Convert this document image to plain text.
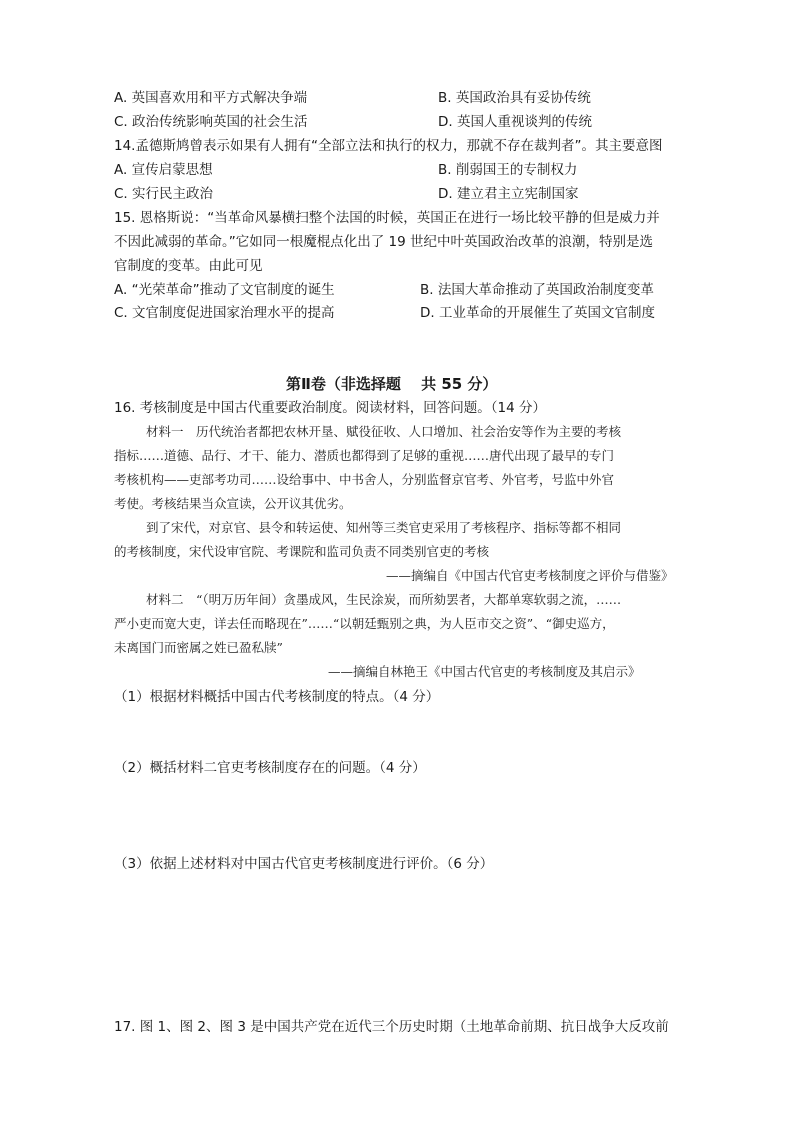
A. 英国喜欢用和平方式解决争端	B. 英国政治具有妥协传统
C. 政治传统影响英国的社会生活	D. 英国人重视谈判的传统
14.孟德斯鸠曾表示如果有人拥有“全部立法和执行的权力，那就不存在裁判者”。其主要意图
A. 宣传启蒙思想	B. 削弱国王的专制权力
C. 实行民主政治	D. 建立君主立宪制国家
15. 恩格斯说：“当革命风暴横扫整个法国的时候，英国正在进行一场比较平静的但是威力并
不因此减弱的革命。”它如同一根魔棍点化出了 19 世纪中叶英国政治改革的浪潮，特别是选
官制度的变革。由此可见
A. “光荣革命”推动了文官制度的诞生	B. 法国大革命推动了英国政治制度变革
C. 文官制度促进国家治理水平的提高	D. 工业革命的开展催生了英国文官制度
第Ⅱ卷（非选择题　 共 55 分）
16. 考核制度是中国古代重要政治制度。阅读材料，回答问题。（14 分）
材料一　历代统治者都把农林开垦、赋役征收、人口增加、社会治安等作为主要的考核
指标……道德、品行、才干、能力、潜质也都得到了足够的重视……唐代出现了最早的专门
考核机构——吏部考功司……设给事中、中书舍人，分别监督京官考、外官考，号监中外官
考使。考核结果当众宣读，公开议其优劣。
到了宋代，对京官、县令和转运使、知州等三类官吏采用了考核程序、指标等都不相同
的考核制度，宋代设审官院、考课院和监司负责不同类别官吏的考核
——摘编自《中国古代官吏考核制度之评价与借鉴》
材料二　“（明万历年间）贪墨成风，生民涂炭，而所劾罢者，大都单寒软弱之流，……
严小吏而宽大吏，详去任而略现在”……“以朝廷甄别之典，为人臣市交之资”、“御史巡方，
未离国门而密属之姓已盈私牍”
——摘编自林艳王《中国古代官吏的考核制度及其启示》
（1）根据材料概括中国古代考核制度的特点。（4 分）
（2）概括材料二官吏考核制度存在的问题。（4 分）
（3）依据上述材料对中国古代官吏考核制度进行评价。（6 分）
17. 图 1、图 2、图 3 是中国共产党在近代三个历史时期（土地革命前期、抗日战争大反攻前
